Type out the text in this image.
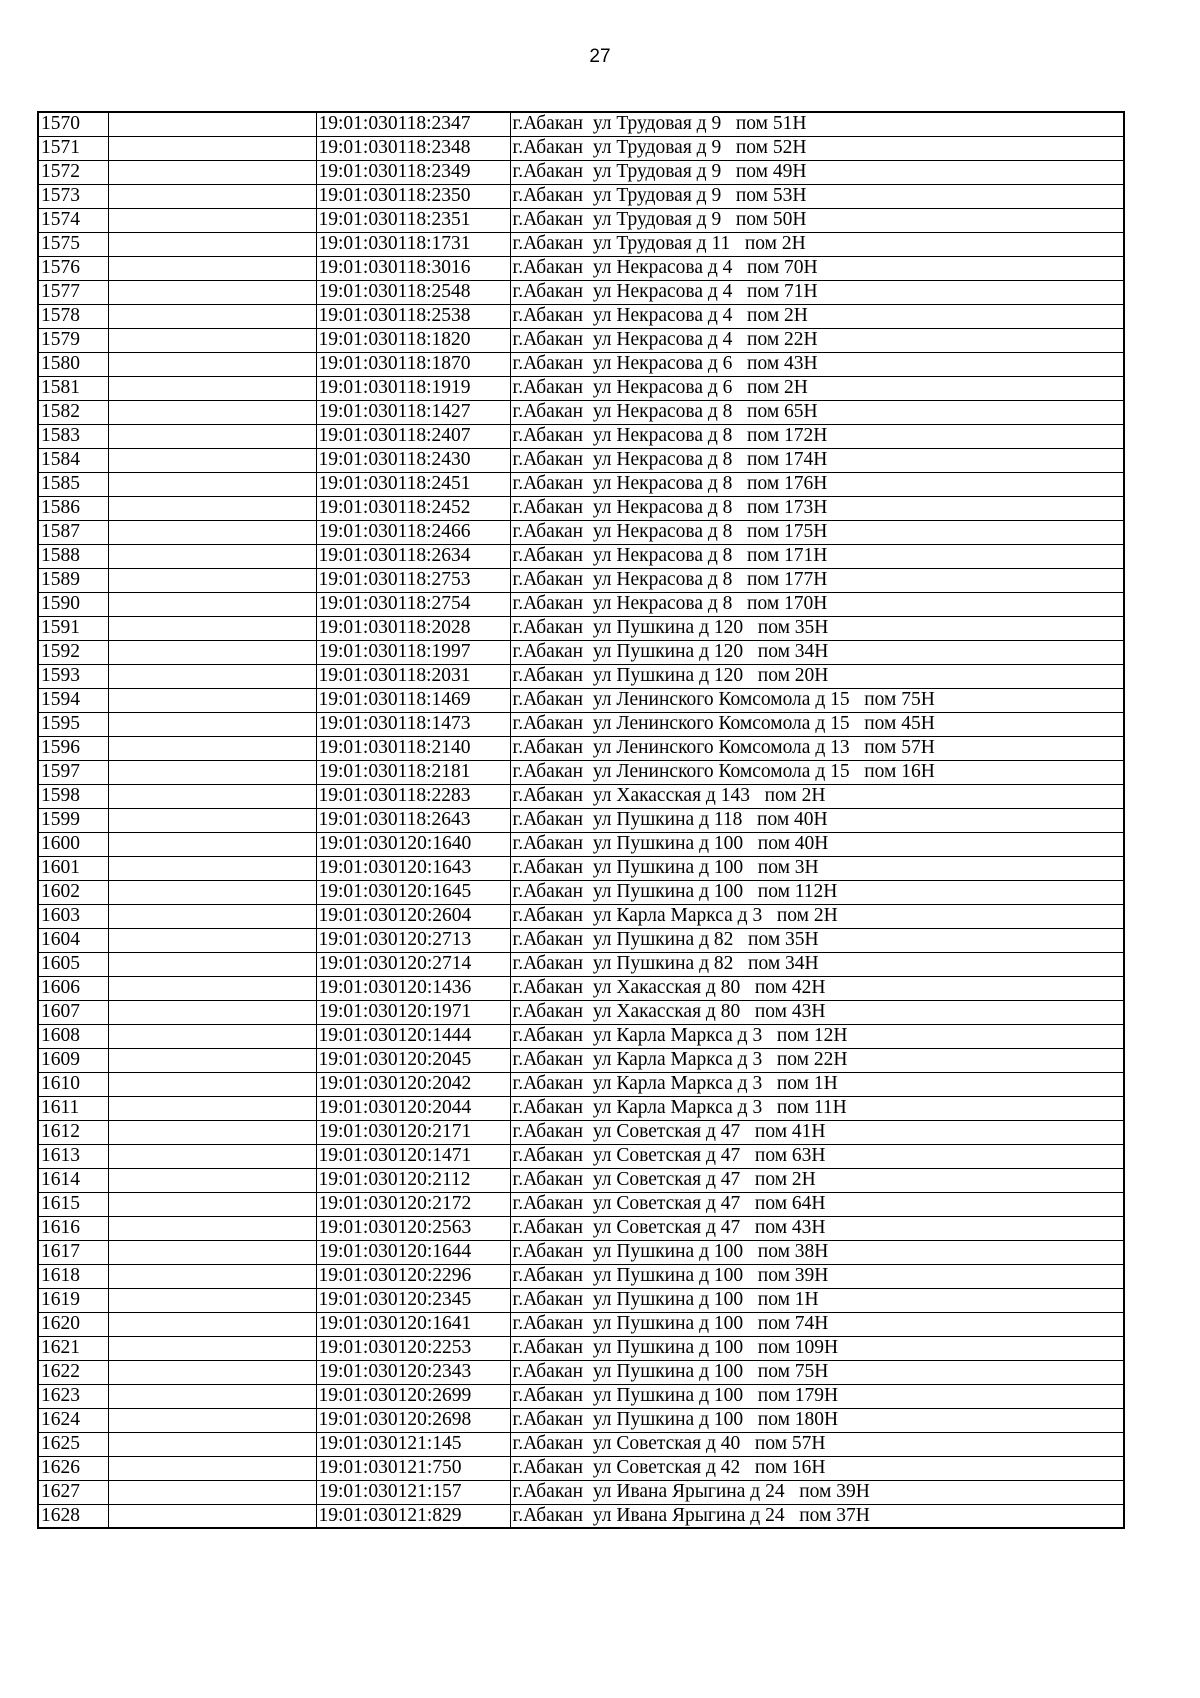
27
1570		19:01:030118:2347	г.Абакан  ул Трудовая д 9   пом 51Н
1571		19:01:030118:2348	г.Абакан  ул Трудовая д 9   пом 52Н
1572		19:01:030118:2349	г.Абакан  ул Трудовая д 9   пом 49Н
1573		19:01:030118:2350	г.Абакан  ул Трудовая д 9   пом 53Н
1574		19:01:030118:2351	г.Абакан  ул Трудовая д 9   пом 50Н
1575		19:01:030118:1731	г.Абакан  ул Трудовая д 11   пом 2Н
1576		19:01:030118:3016	г.Абакан  ул Некрасова д 4   пом 70Н
1577		19:01:030118:2548	г.Абакан  ул Некрасова д 4   пом 71Н
1578		19:01:030118:2538	г.Абакан  ул Некрасова д 4   пом 2Н
1579		19:01:030118:1820	г.Абакан  ул Некрасова д 4   пом 22Н
1580		19:01:030118:1870	г.Абакан  ул Некрасова д 6   пом 43Н
1581		19:01:030118:1919	г.Абакан  ул Некрасова д 6   пом 2Н
1582		19:01:030118:1427	г.Абакан  ул Некрасова д 8   пом 65Н
1583		19:01:030118:2407	г.Абакан  ул Некрасова д 8   пом 172Н
1584		19:01:030118:2430	г.Абакан  ул Некрасова д 8   пом 174Н
1585		19:01:030118:2451	г.Абакан  ул Некрасова д 8   пом 176Н
1586		19:01:030118:2452	г.Абакан  ул Некрасова д 8   пом 173Н
1587		19:01:030118:2466	г.Абакан  ул Некрасова д 8   пом 175Н
1588		19:01:030118:2634	г.Абакан  ул Некрасова д 8   пом 171Н
1589		19:01:030118:2753	г.Абакан  ул Некрасова д 8   пом 177Н
1590		19:01:030118:2754	г.Абакан  ул Некрасова д 8   пом 170Н
1591		19:01:030118:2028	г.Абакан  ул Пушкина д 120   пом 35Н
1592		19:01:030118:1997	г.Абакан  ул Пушкина д 120   пом 34Н
1593		19:01:030118:2031	г.Абакан  ул Пушкина д 120   пом 20Н
1594		19:01:030118:1469	г.Абакан  ул Ленинского Комсомола д 15   пом 75Н
1595		19:01:030118:1473	г.Абакан  ул Ленинского Комсомола д 15   пом 45Н
1596		19:01:030118:2140	г.Абакан  ул Ленинского Комсомола д 13   пом 57Н
1597		19:01:030118:2181	г.Абакан  ул Ленинского Комсомола д 15   пом 16Н
1598		19:01:030118:2283	г.Абакан  ул Хакасская д 143   пом 2Н
1599		19:01:030118:2643	г.Абакан  ул Пушкина д 118   пом 40Н
1600		19:01:030120:1640	г.Абакан  ул Пушкина д 100   пом 40Н
1601		19:01:030120:1643	г.Абакан  ул Пушкина д 100   пом 3Н
1602		19:01:030120:1645	г.Абакан  ул Пушкина д 100   пом 112Н
1603		19:01:030120:2604	г.Абакан  ул Карла Маркса д 3   пом 2Н
1604		19:01:030120:2713	г.Абакан  ул Пушкина д 82   пом 35Н
1605		19:01:030120:2714	г.Абакан  ул Пушкина д 82   пом 34Н
1606		19:01:030120:1436	г.Абакан  ул Хакасская д 80   пом 42Н
1607		19:01:030120:1971	г.Абакан  ул Хакасская д 80   пом 43Н
1608		19:01:030120:1444	г.Абакан  ул Карла Маркса д 3   пом 12Н
1609		19:01:030120:2045	г.Абакан  ул Карла Маркса д 3   пом 22Н
1610		19:01:030120:2042	г.Абакан  ул Карла Маркса д 3   пом 1Н
1611		19:01:030120:2044	г.Абакан  ул Карла Маркса д 3   пом 11Н
1612		19:01:030120:2171	г.Абакан  ул Советская д 47   пом 41Н
1613		19:01:030120:1471	г.Абакан  ул Советская д 47   пом 63Н
1614		19:01:030120:2112	г.Абакан  ул Советская д 47   пом 2Н
1615		19:01:030120:2172	г.Абакан  ул Советская д 47   пом 64Н
1616		19:01:030120:2563	г.Абакан  ул Советская д 47   пом 43Н
1617		19:01:030120:1644	г.Абакан  ул Пушкина д 100   пом 38Н
1618		19:01:030120:2296	г.Абакан  ул Пушкина д 100   пом 39Н
1619		19:01:030120:2345	г.Абакан  ул Пушкина д 100   пом 1Н
1620		19:01:030120:1641	г.Абакан  ул Пушкина д 100   пом 74Н
1621		19:01:030120:2253	г.Абакан  ул Пушкина д 100   пом 109Н
1622		19:01:030120:2343	г.Абакан  ул Пушкина д 100   пом 75Н
1623		19:01:030120:2699	г.Абакан  ул Пушкина д 100   пом 179Н
1624		19:01:030120:2698	г.Абакан  ул Пушкина д 100   пом 180Н
1625		19:01:030121:145	г.Абакан  ул Советская д 40   пом 57Н
1626		19:01:030121:750	г.Абакан  ул Советская д 42   пом 16Н
1627		19:01:030121:157	г.Абакан  ул Ивана Ярыгина д 24   пом 39Н
1628		19:01:030121:829	г.Абакан  ул Ивана Ярыгина д 24   пом 37Н
